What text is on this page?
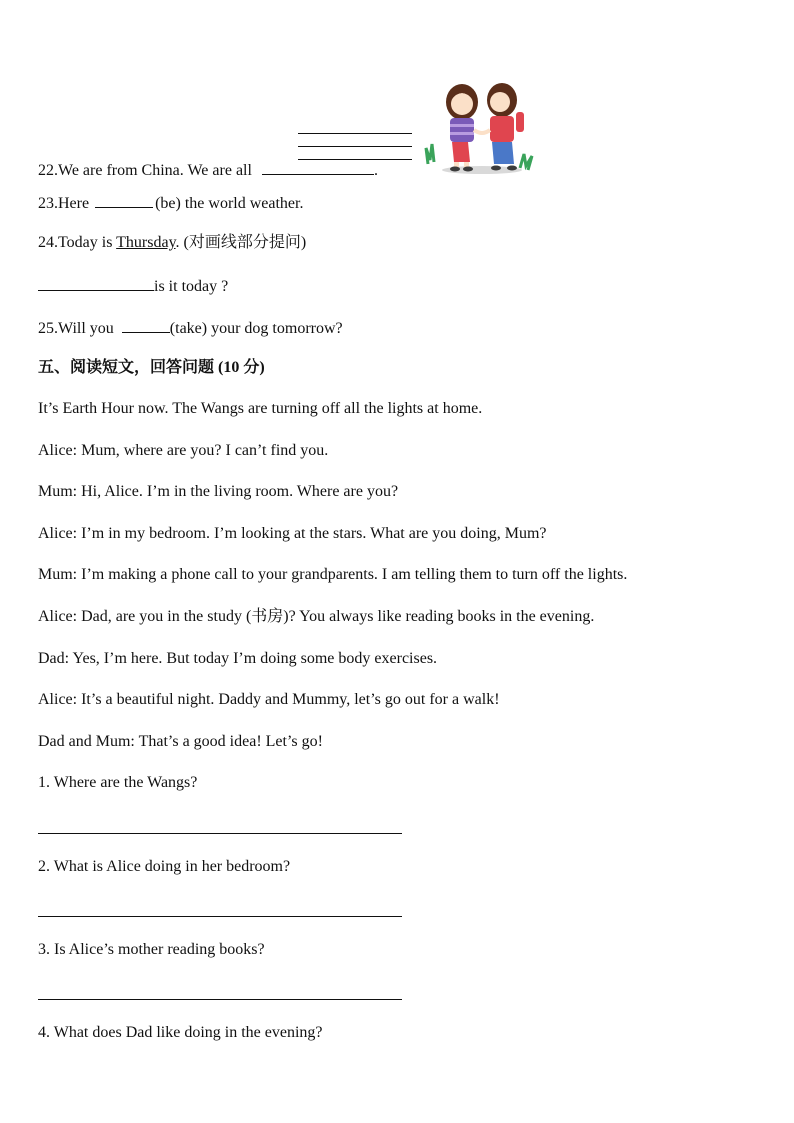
22.We are from China. We are all	.
23.Here	(be) the world weather.
24.Today is Thursday. (对画线部分提问)
is it today ?
25.Will you	(take) your dog tomorrow?
五、阅读短文，回答问题 (10 分)
It’s Earth Hour now. The Wangs are turning off all the lights at home.
Alice: Mum, where are you? I can’t find you.
Mum: Hi, Alice. I’m in the living room. Where are you?
Alice: I’m in my bedroom. I’m looking at the stars. What are you doing, Mum?
Mum: I’m making a phone call to your grandparents. I am telling them to turn off the lights.
Alice: Dad, are you in the study (书房)? You always like reading books in the evening.
Dad: Yes, I’m here. But today I’m doing some body exercises.
Alice: It’s a beautiful night. Daddy and Mummy, let’s go out for a walk!
Dad and Mum: That’s a good idea! Let’s go!
1. Where are the Wangs?
2. What is Alice doing in her bedroom?
3. Is Alice’s mother reading books?
4. What does Dad like doing in the evening?
